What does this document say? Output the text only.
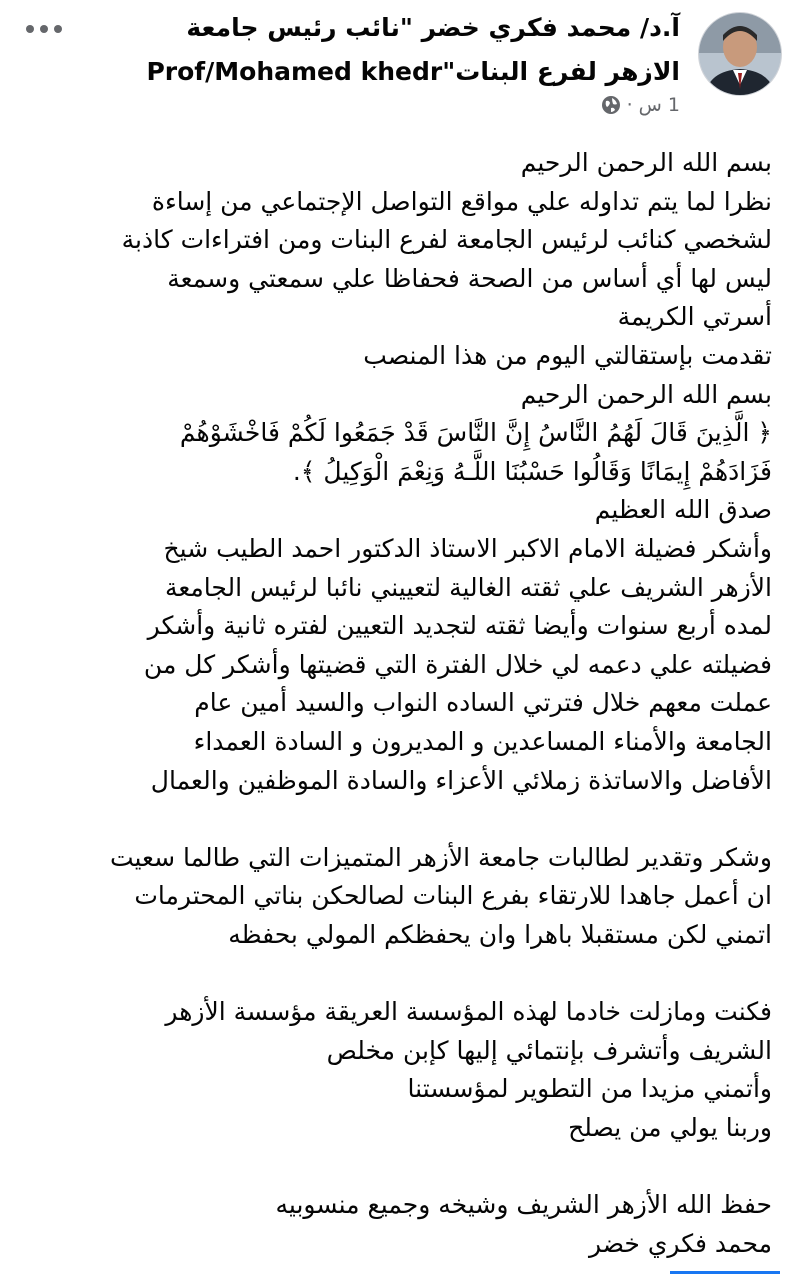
آ.د/ محمد فكري خضر "نائب رئيس جامعة الازهر لفرع البنات"Prof/Mohamed khedr
1 س
·

بسم الله الرحمن الرحيم

نظرا لما يتم تداوله علي مواقع التواصل الإجتماعي من إساءة

لشخصي كنائب لرئيس الجامعة لفرع البنات ومن افتراءات كاذبة

ليس لها أي أساس من الصحة فحفاظا علي سمعتي وسمعة

أسرتي الكريمة

تقدمت بإستقالتي اليوم من هذا المنصب

بسم الله الرحمن الرحيم

﴿ الَّذِينَ قَالَ لَهُمُ النَّاسُ إِنَّ النَّاسَ قَدْ جَمَعُوا لَكُمْ فَاخْشَوْهُمْ

فَزَادَهُمْ إِيمَانًا وَقَالُوا حَسْبُنَا اللَّـهُ وَنِعْمَ الْوَكِيلُ ﴾.

صدق الله العظيم

وأشكر فضيلة الامام الاكبر الاستاذ الدكتور احمد الطيب شيخ

الأزهر الشريف علي ثقته الغالية لتعييني نائبا لرئيس الجامعة

لمده أربع سنوات وأيضا ثقته لتجديد التعيين لفتره ثانية وأشكر

فضيلته علي دعمه لي خلال الفترة التي قضيتها وأشكر كل من

عملت معهم خلال فترتي الساده النواب والسيد أمين عام

الجامعة والأمناء المساعدين و المديرون و السادة العمداء

الأفاضل والاساتذة زملائي الأعزاء والسادة الموظفين والعمال

وشكر وتقدير لطالبات جامعة الأزهر المتميزات التي طالما سعيت

ان أعمل جاهدا للارتقاء بفرع البنات لصالحكن بناتي المحترمات

اتمني لكن مستقبلا باهرا وان يحفظكم المولي بحفظه

فكنت ومازلت خادما لهذه المؤسسة العريقة مؤسسة الأزهر

الشريف وأتشرف بإنتمائي إليها كإبن مخلص

وأتمني مزيدا من التطوير لمؤسستنا

وربنا يولي من يصلح

حفظ الله الأزهر الشريف وشيخه وجميع منسوبيه

محمد فكري خضر
